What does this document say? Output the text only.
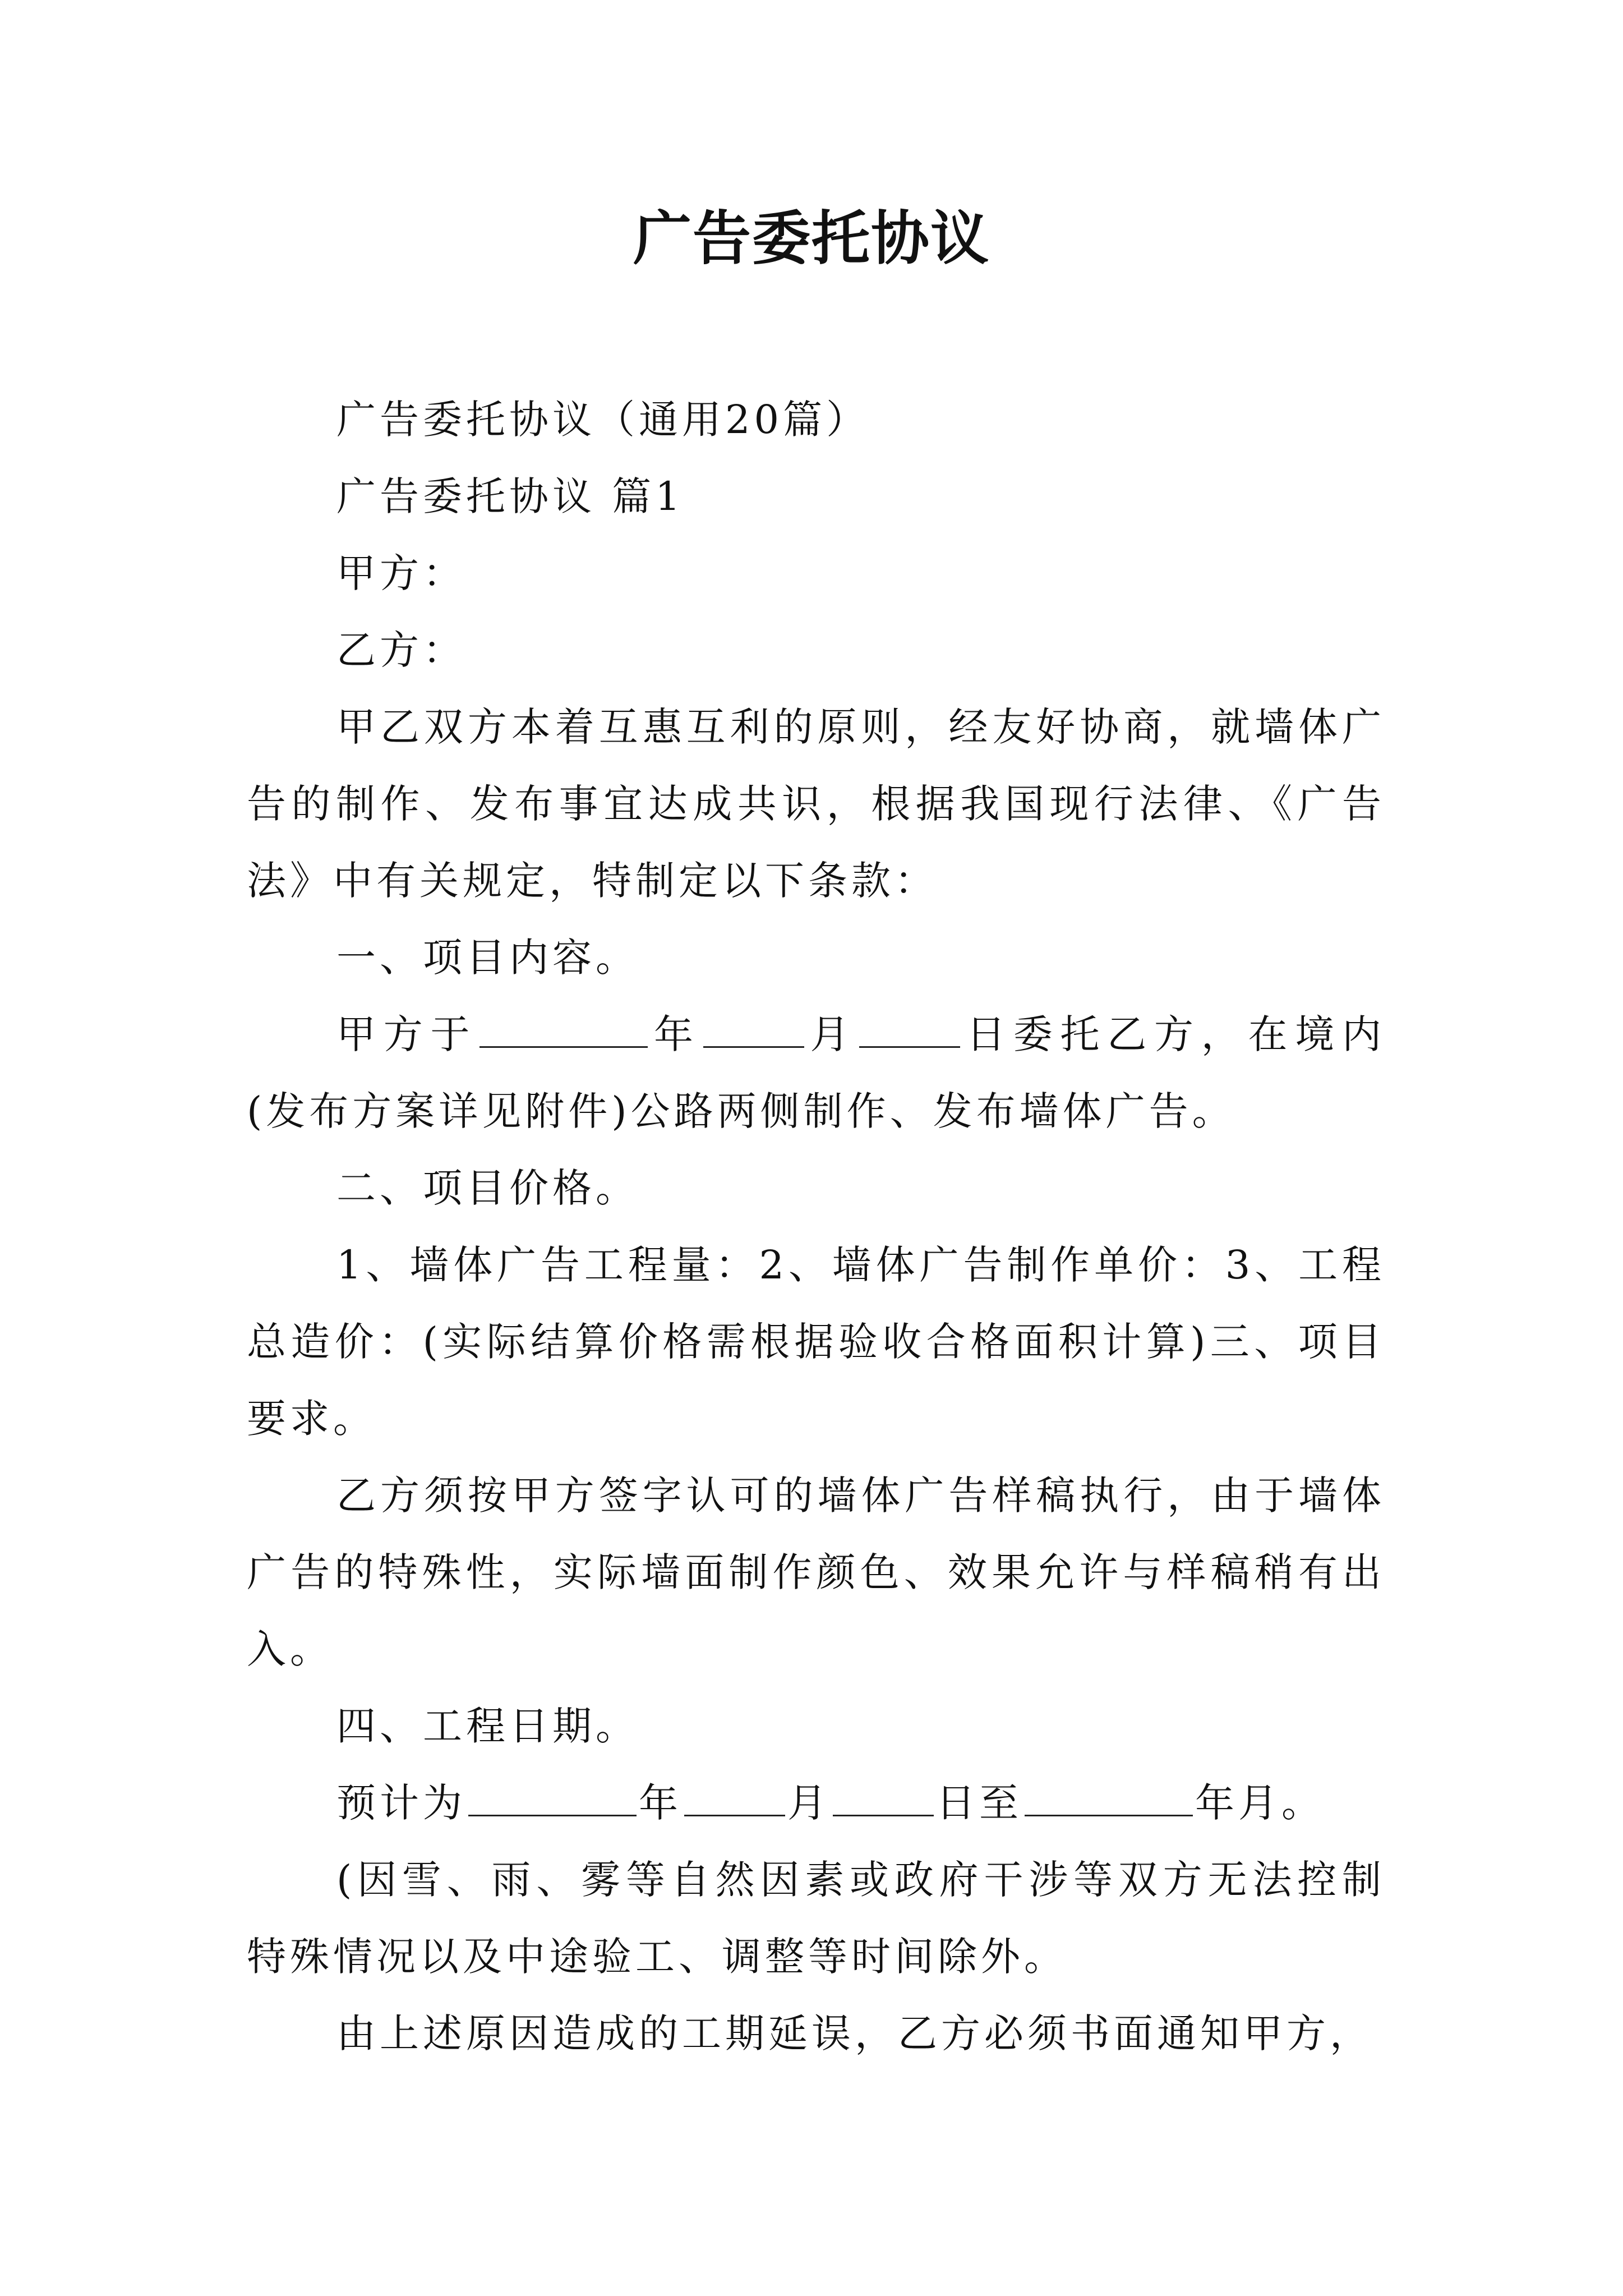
广告委托协议

广告委托协议（通用20篇）

广告委托协议 篇1

甲方：

乙方：

甲乙双方本着互惠互利的原则，经友好协商，就墙体广告的制作、发布事宜达成共识，根据我国现行法律、《广告法》中有关规定，特制定以下条款：

一、项目内容。

甲方于	年	月	日委托乙方，在境内(发布方案详见附件)公路两侧制作、发布墙体广告。

二、项目价格。

1、墙体广告工程量：2、墙体广告制作单价：3、工程总造价：(实际结算价格需根据验收合格面积计算)三、项目要求。

乙方须按甲方签字认可的墙体广告样稿执行，由于墙体广告的特殊性，实际墙面制作颜色、效果允许与样稿稍有出入。

四、工程日期。

预计为	年	月	日至	年月。

(因雪、雨、雾等自然因素或政府干涉等双方无法控制特殊情况以及中途验工、调整等时间除外。

由上述原因造成的工期延误，乙方必须书面通知甲方，
